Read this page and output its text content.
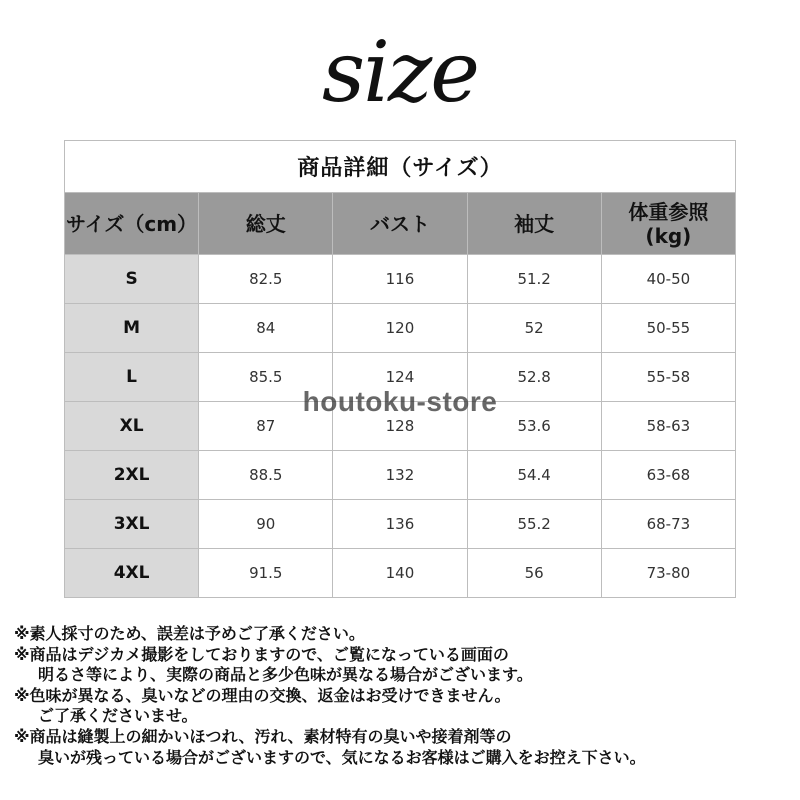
size
商品詳細（サイズ）				
サイズ（cm）	総丈	バスト	袖丈	体重参照
(kg)

S	82.5	116	51.2	40-50
M	84	120	52	50-55
L	85.5	124	52.8	55-58
XL	87	128	53.6	58-63
2XL	88.5	132	54.4	63-68
3XL	90	136	55.2	68-73
4XL	91.5	140	56	73-80
houtoku-store
※素人採寸のため、誤差は予めご了承ください。
※商品はデジカメ撮影をしておりますので、ご覧になっている画面の
明るさ等により、実際の商品と多少色味が異なる場合がございます。
※色味が異なる、臭いなどの理由の交換、返金はお受けできません。
ご了承くださいませ。
※商品は縫製上の細かいほつれ、汚れ、素材特有の臭いや接着剤等の
臭いが残っている場合がございますので、気になるお客様はご購入をお控え下さい。
